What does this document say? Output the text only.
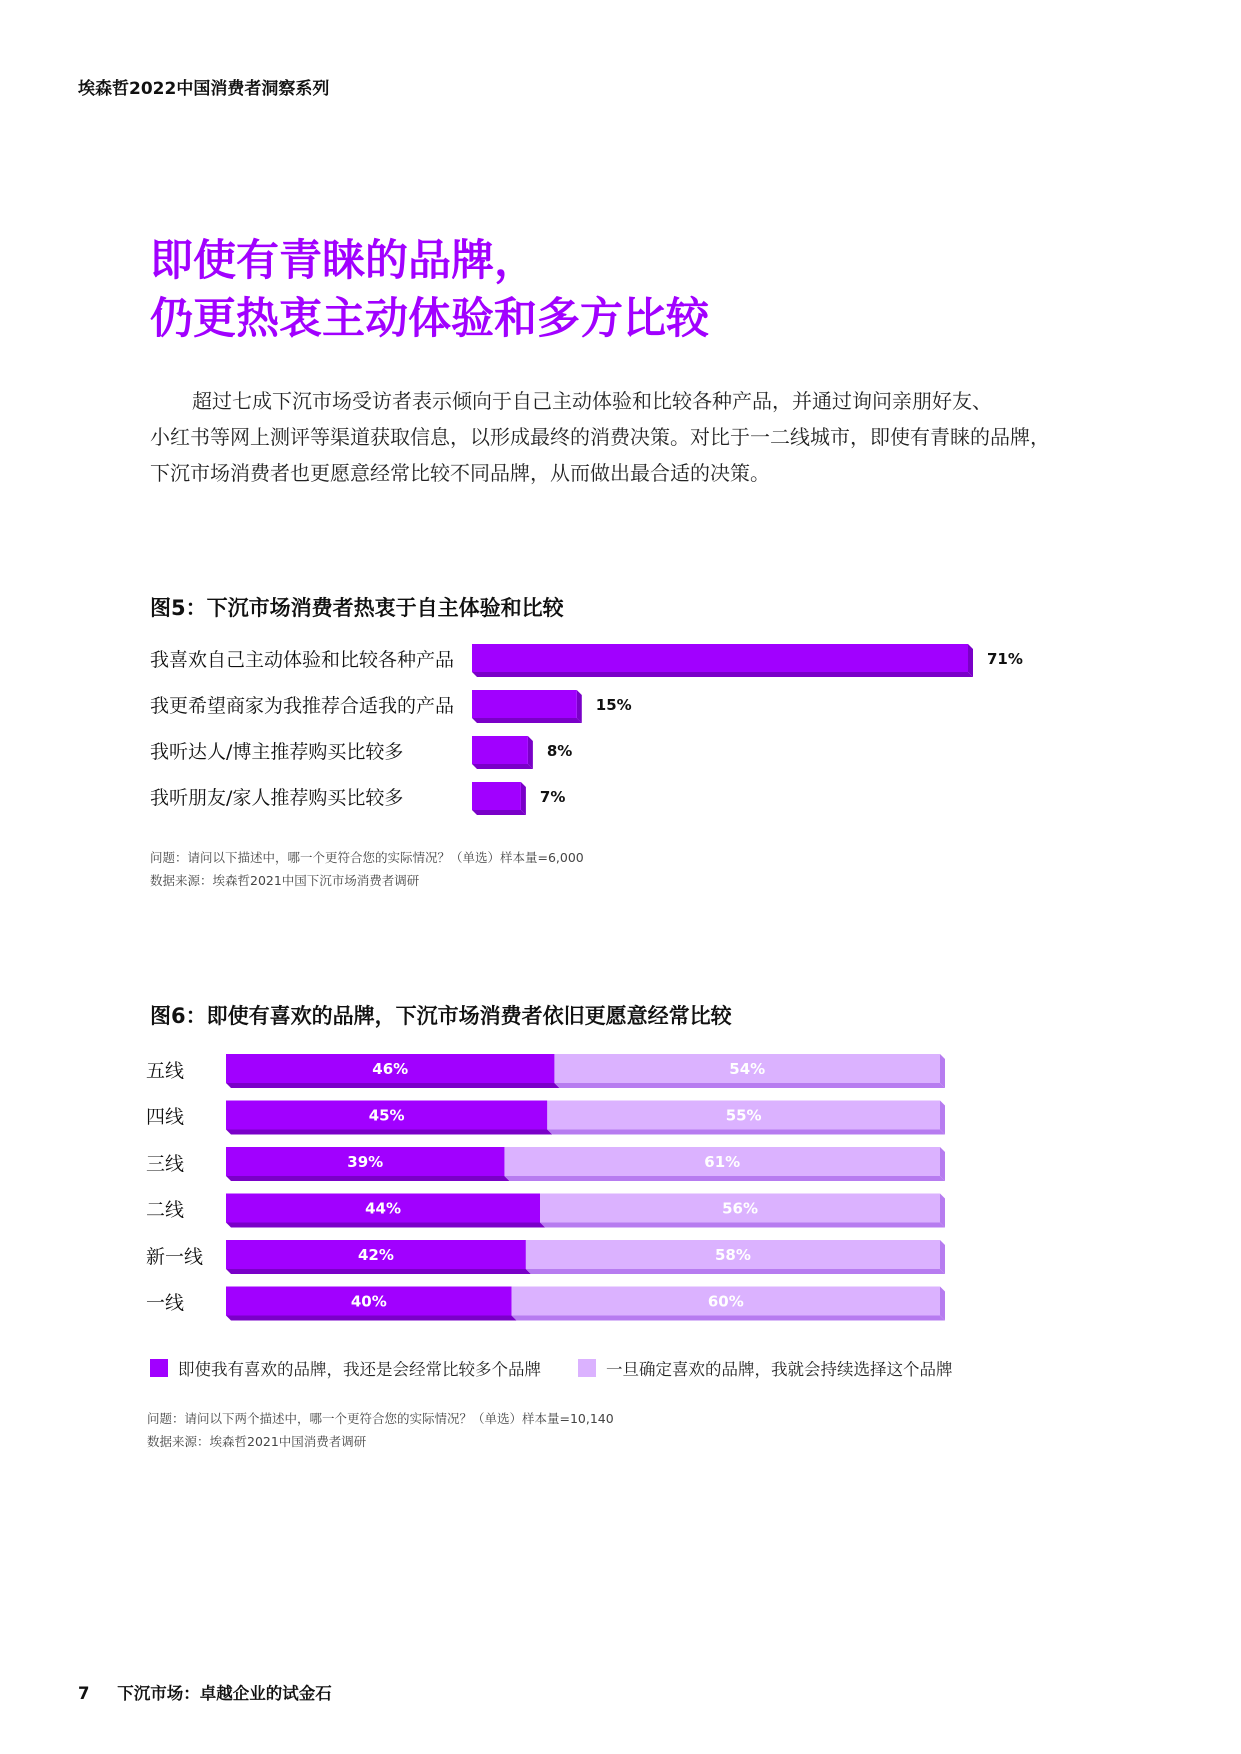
埃森哲2022中国消费者洞察系列
即使有青睐的品牌，
仍更热衷主动体验和多方比较
超过七成下沉市场受访者表示倾向于自己主动体验和比较各种产品，并通过询问亲朋好友、
小红书等网上测评等渠道获取信息，以形成最终的消费决策。对比于一二线城市，即使有青睐的品牌，
下沉市场消费者也更愿意经常比较不同品牌，从而做出最合适的决策。
图5：下沉市场消费者热衷于自主体验和比较
我喜欢自己主动体验和比较各种产品
我更希望商家为我推荐合适我的产品
我听达人/博主推荐购买比较多
我听朋友/家人推荐购买比较多
71%
15%
8%
7%
问题：请问以下描述中，哪一个更符合您的实际情况？（单选）样本量=6,000
数据来源：埃森哲2021中国下沉市场消费者调研
图6：即使有喜欢的品牌，下沉市场消费者依旧更愿意经常比较
五线
四线
三线
二线
新一线
一线
46%	54%
45%	55%
39%	61%
44%	56%
42%	58%
40%	60%
即使我有喜欢的品牌，我还是会经常比较多个品牌	一旦确定喜欢的品牌，我就会持续选择这个品牌
问题：请问以下两个描述中，哪一个更符合您的实际情况？（单选）样本量=10,140
数据来源：埃森哲2021中国消费者调研
7 下沉市场：卓越企业的试金石
